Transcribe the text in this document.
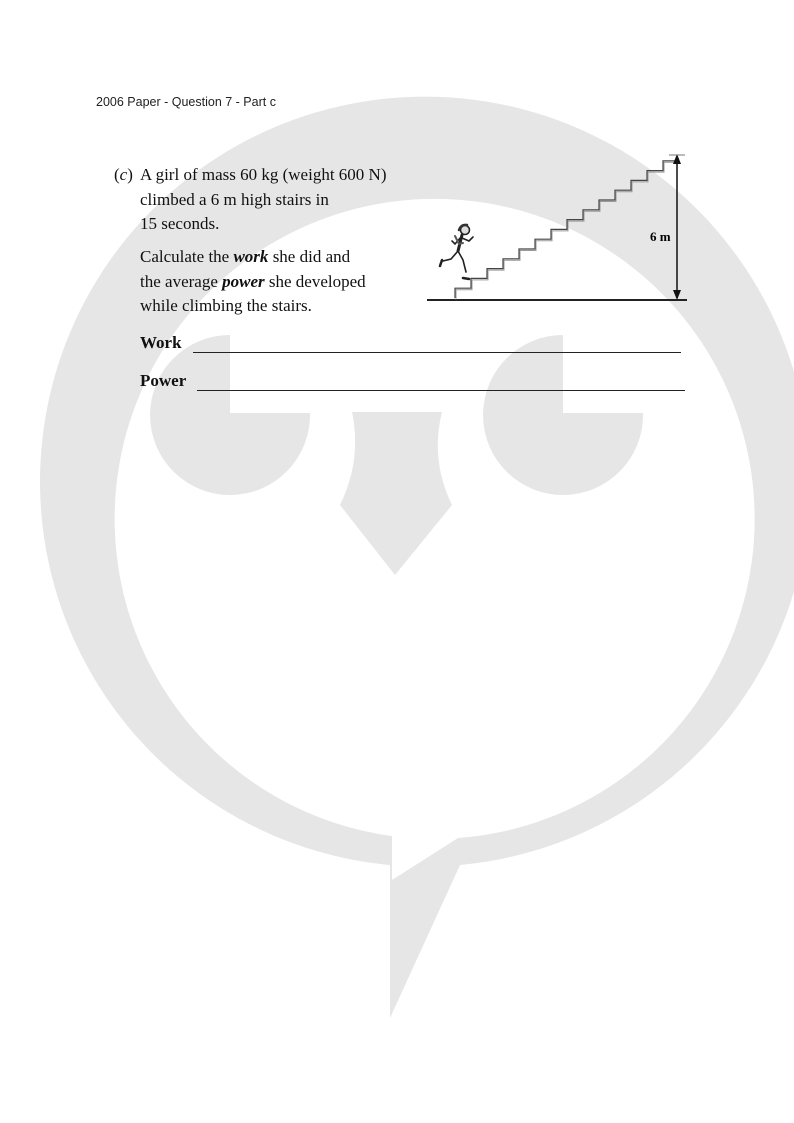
2006 Paper - Question 7 - Part c
(c) A girl of mass 60 kg (weight 600 N)
climbed a 6 m high stairs in
15 seconds.
Calculate the work she did and
the average power she developed
while climbing the stairs.
Work
Power
6 m
